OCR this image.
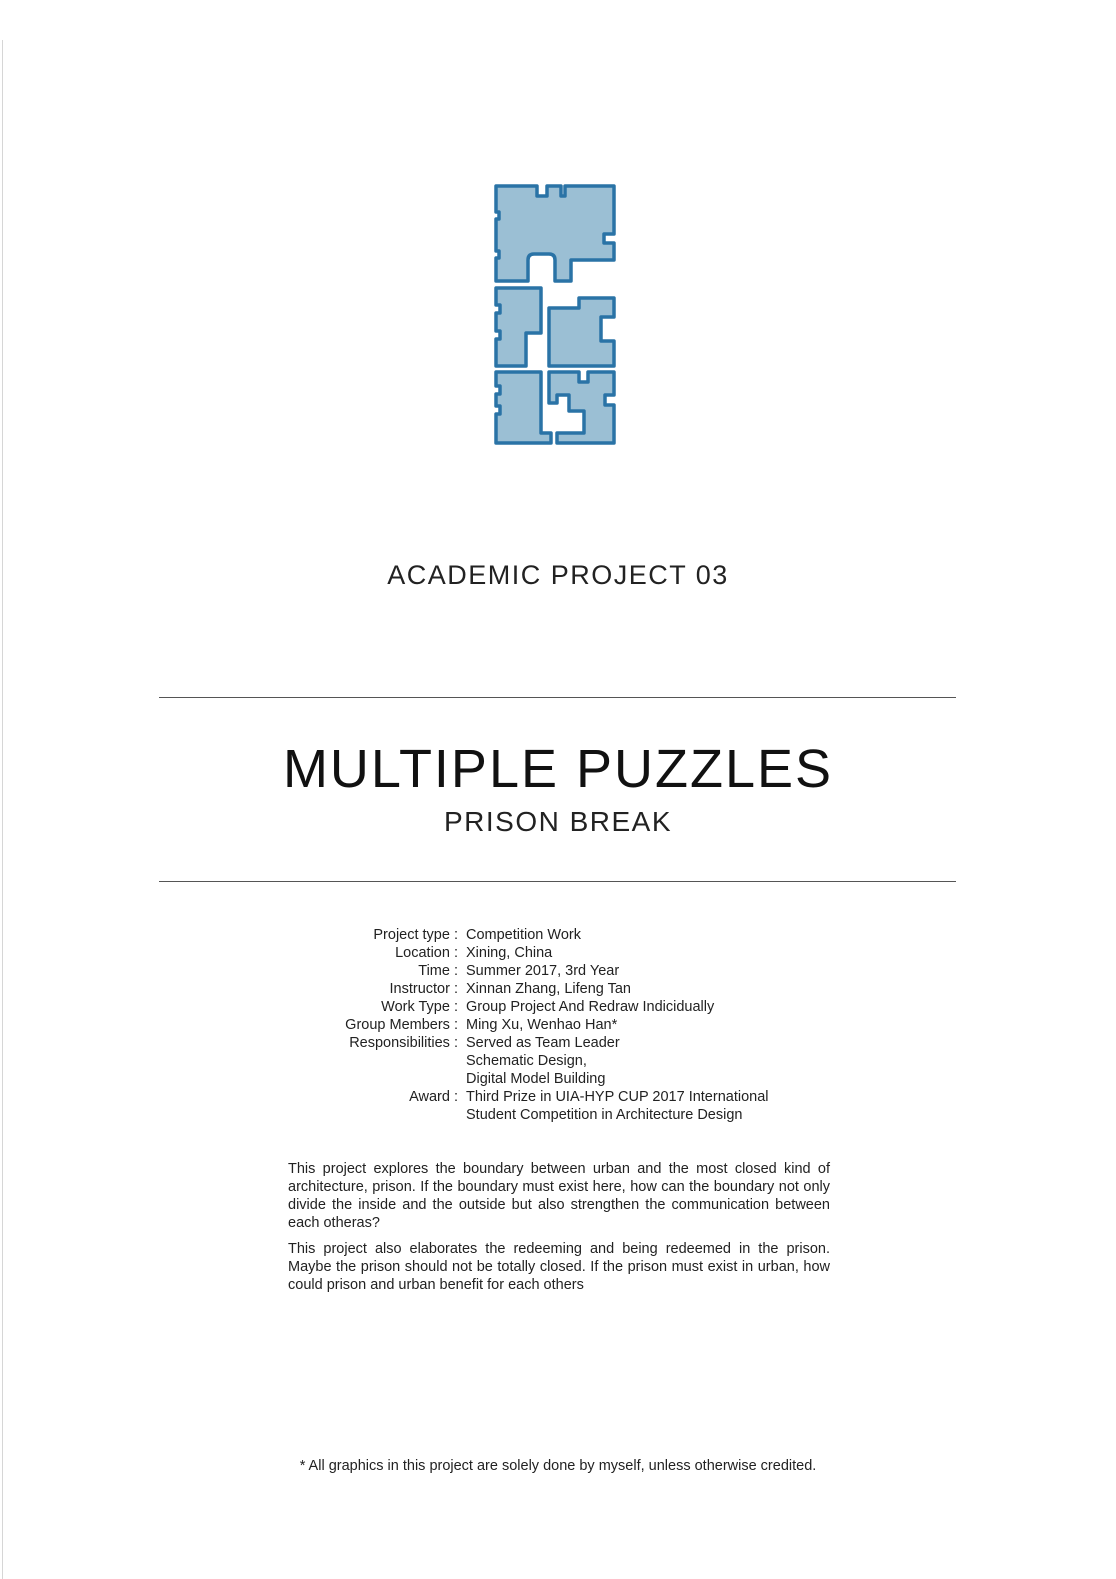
ACADEMIC PROJECT 03
MULTIPLE PUZZLES
PRISON BREAK
Project type : Competition Work
Location : Xining, China
Time : Summer 2017, 3rd Year
Instructor : Xinnan Zhang, Lifeng Tan
Work Type : Group Project And Redraw Indicidually
Group Members : Ming Xu, Wenhao Han*
Responsibilities : Served as Team Leader
Schematic Design,
Digital Model Building
Award : Third Prize in UIA-HYP CUP 2017 International
Student Competition in Architecture Design

This project explores the boundary between urban and the most closed kind of architecture, prison. If the boundary must exist here, how can the boundary not only divide the inside and the outside but also strengthen the communication between each otheras?

This project also elaborates the redeeming and being redeemed in the prison. Maybe the prison should not be totally closed. If the prison must exist in urban, how could prison and urban benefit for each others

* All graphics in this project are solely done by myself, unless otherwise credited.
